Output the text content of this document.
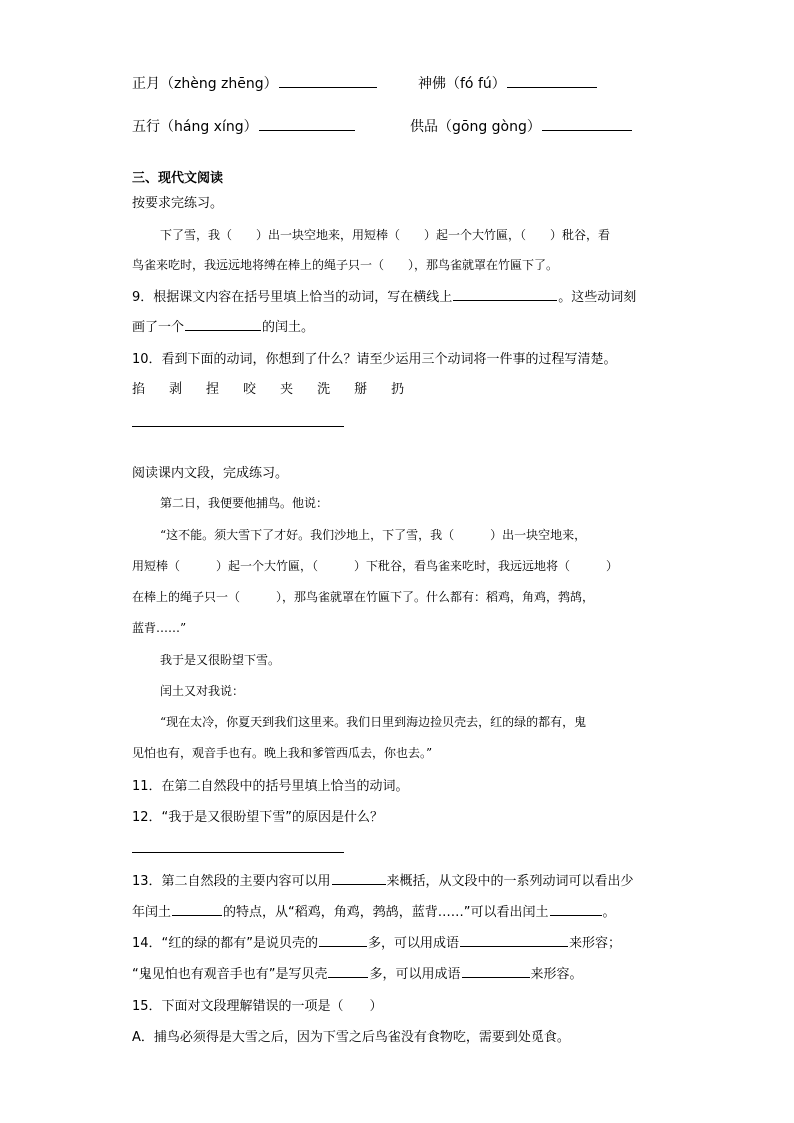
正月（zhèng zhēng）	神佛（fó fú）
五行（háng xíng）	供品（gōng gòng）
三、现代文阅读
按要求完练习。
下了雪，我（　　）出一块空地来，用短棒（　　）起一个大竹匾，（　　）秕谷，看
鸟雀来吃时，我远远地将缚在棒上的绳子只一（　　），那鸟雀就罩在竹匾下了。
9．根据课文内容在括号里填上恰当的动词，写在横线上	。这些动词刻
画了一个	的闰土。
10．看到下面的动词，你想到了什么？请至少运用三个动词将一件事的过程写清楚。
掐 剥 捏 咬 夹 洗 掰 扔
阅读课内文段，完成练习。
第二日，我便要他捕鸟。他说：
“这不能。须大雪下了才好。我们沙地上，下了雪，我（　　　）出一块空地来，
用短棒（　　　）起一个大竹匾，（　　　）下秕谷，看鸟雀来吃时，我远远地将（　　　）
在棒上的绳子只一（　　　），那鸟雀就罩在竹匾下了。什么都有：稻鸡，角鸡，鹁鸪，
蓝背……”
我于是又很盼望下雪。
闰土又对我说：
“现在太冷，你夏天到我们这里来。我们日里到海边捡贝壳去，红的绿的都有，鬼
见怕也有，观音手也有。晚上我和爹管西瓜去，你也去。”
11．在第二自然段中的括号里填上恰当的动词。
12．“我于是又很盼望下雪”的原因是什么？
13．第二自然段的主要内容可以用	来概括，从文段中的一系列动词可以看出少
年闰土	的特点，从“稻鸡，角鸡，鹁鸪，蓝背……”可以看出闰土	。
14．“红的绿的都有”是说贝壳的	多，可以用成语	来形容；
“鬼见怕也有观音手也有”是写贝壳	多，可以用成语	来形容。
15．下面对文段理解错误的一项是（　　）
A．捕鸟必须得是大雪之后，因为下雪之后鸟雀没有食物吃，需要到处觅食。
